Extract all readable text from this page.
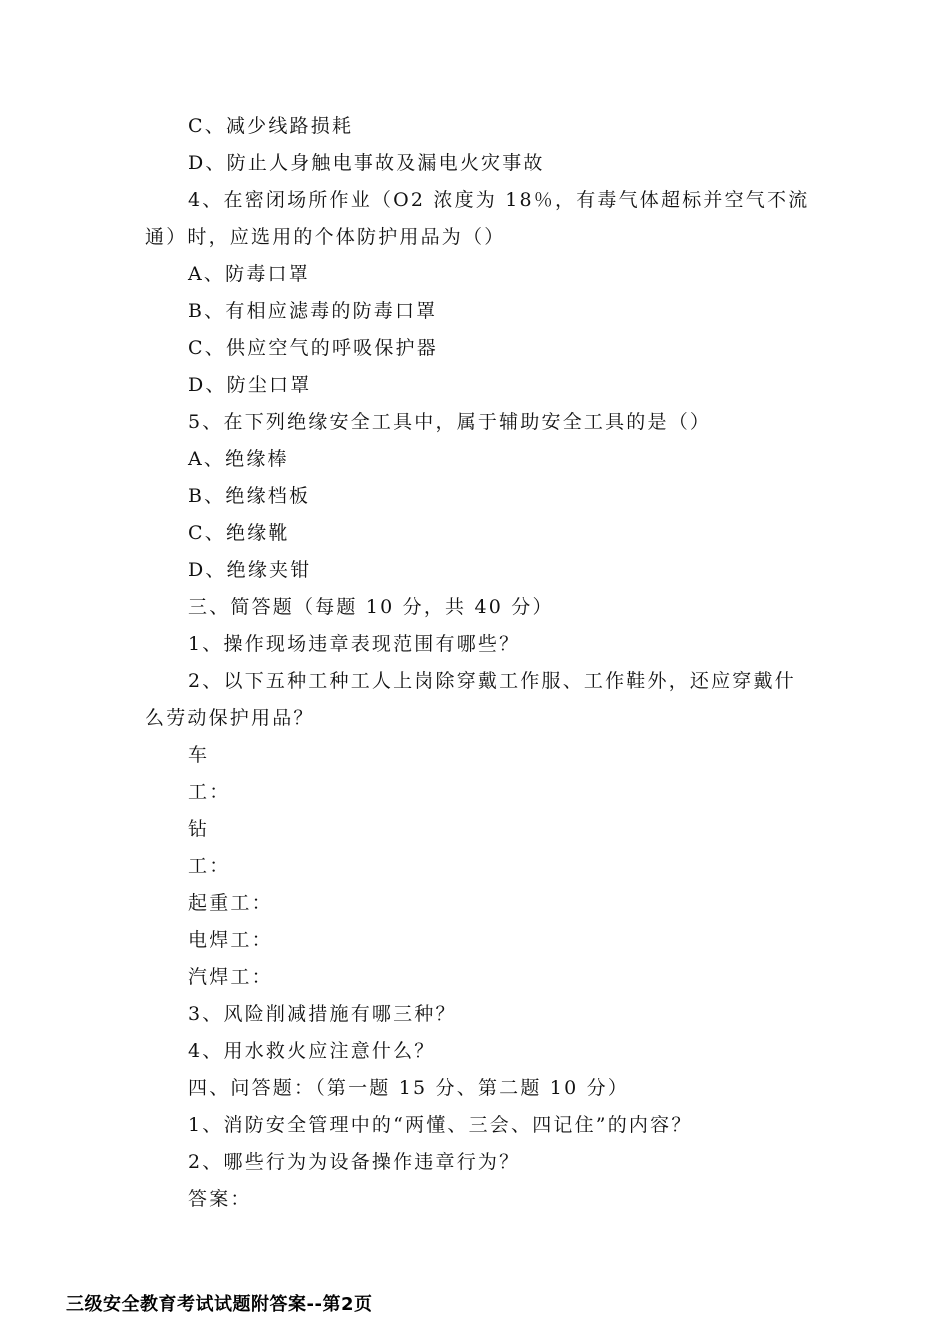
C、减少线路损耗
D、防止人身触电事故及漏电火灾事故
4、在密闭场所作业（O2 浓度为 18％，有毒气体超标并空气不流
通）时，应选用的个体防护用品为（）
A、防毒口罩
B、有相应滤毒的防毒口罩
C、供应空气的呼吸保护器
D、防尘口罩
5、在下列绝缘安全工具中，属于辅助安全工具的是（）
A、绝缘棒
B、绝缘档板
C、绝缘靴
D、绝缘夹钳
三、简答题（每题 10 分，共 40 分）
1、操作现场违章表现范围有哪些？
2、以下五种工种工人上岗除穿戴工作服、工作鞋外，还应穿戴什
么劳动保护用品？
车
工：
钻
工：
起重工：
电焊工：
汽焊工：
3、风险削减措施有哪三种？
4、用水救火应注意什么？
四、问答题：（第一题 15 分、第二题 10 分）
1、消防安全管理中的“两懂、三会、四记住”的内容？
2、哪些行为为设备操作违章行为？
答案：
三级安全教育考试试题附答案--第2页
